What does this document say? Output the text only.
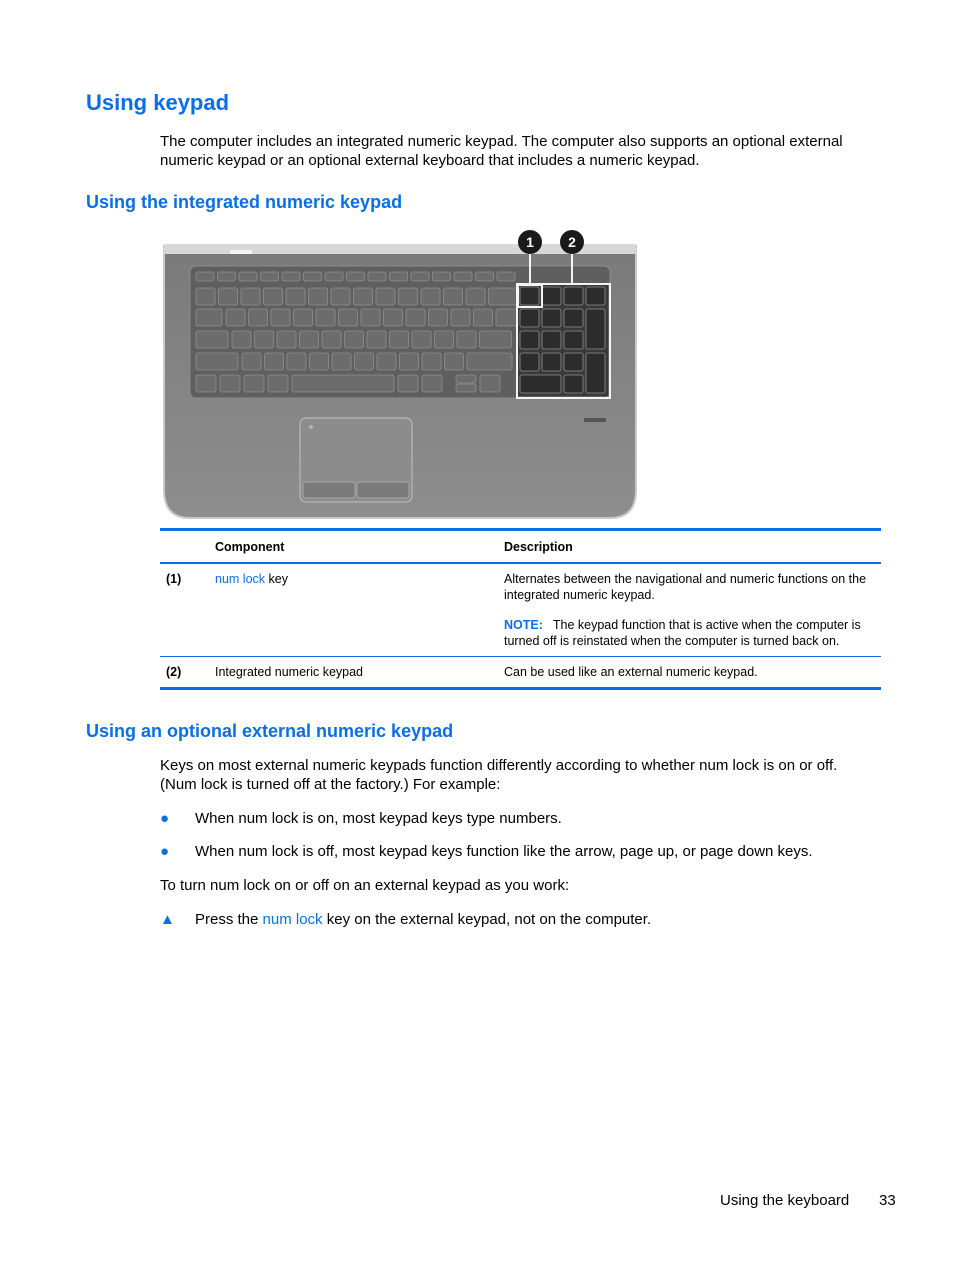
Using keypad

The computer includes an integrated numeric keypad. The computer also supports an optional external numeric keypad or an optional external keyboard that includes a numeric keypad.

Using the integrated numeric keypad
1 2
	Component	Description
(1)	num lock key	Alternates between the navigational and numeric functions on the integrated numeric keypad.
NOTE: The keypad function that is active when the computer is turned off is reinstated when the computer is turned back on.

(2)	Integrated numeric keypad	Can be used like an external numeric keypad.
Using an optional external numeric keypad

Keys on most external numeric keypads function differently according to whether num lock is on or off. (Num lock is turned off at the factory.) For example:

●	When num lock is on, most keypad keys type numbers.
●	When num lock is off, most keypad keys function like the arrow, page up, or page down keys.

To turn num lock on or off on an external keypad as you work:

▲	Press the num lock key on the external keypad, not on the computer.
Using the keyboard 33
